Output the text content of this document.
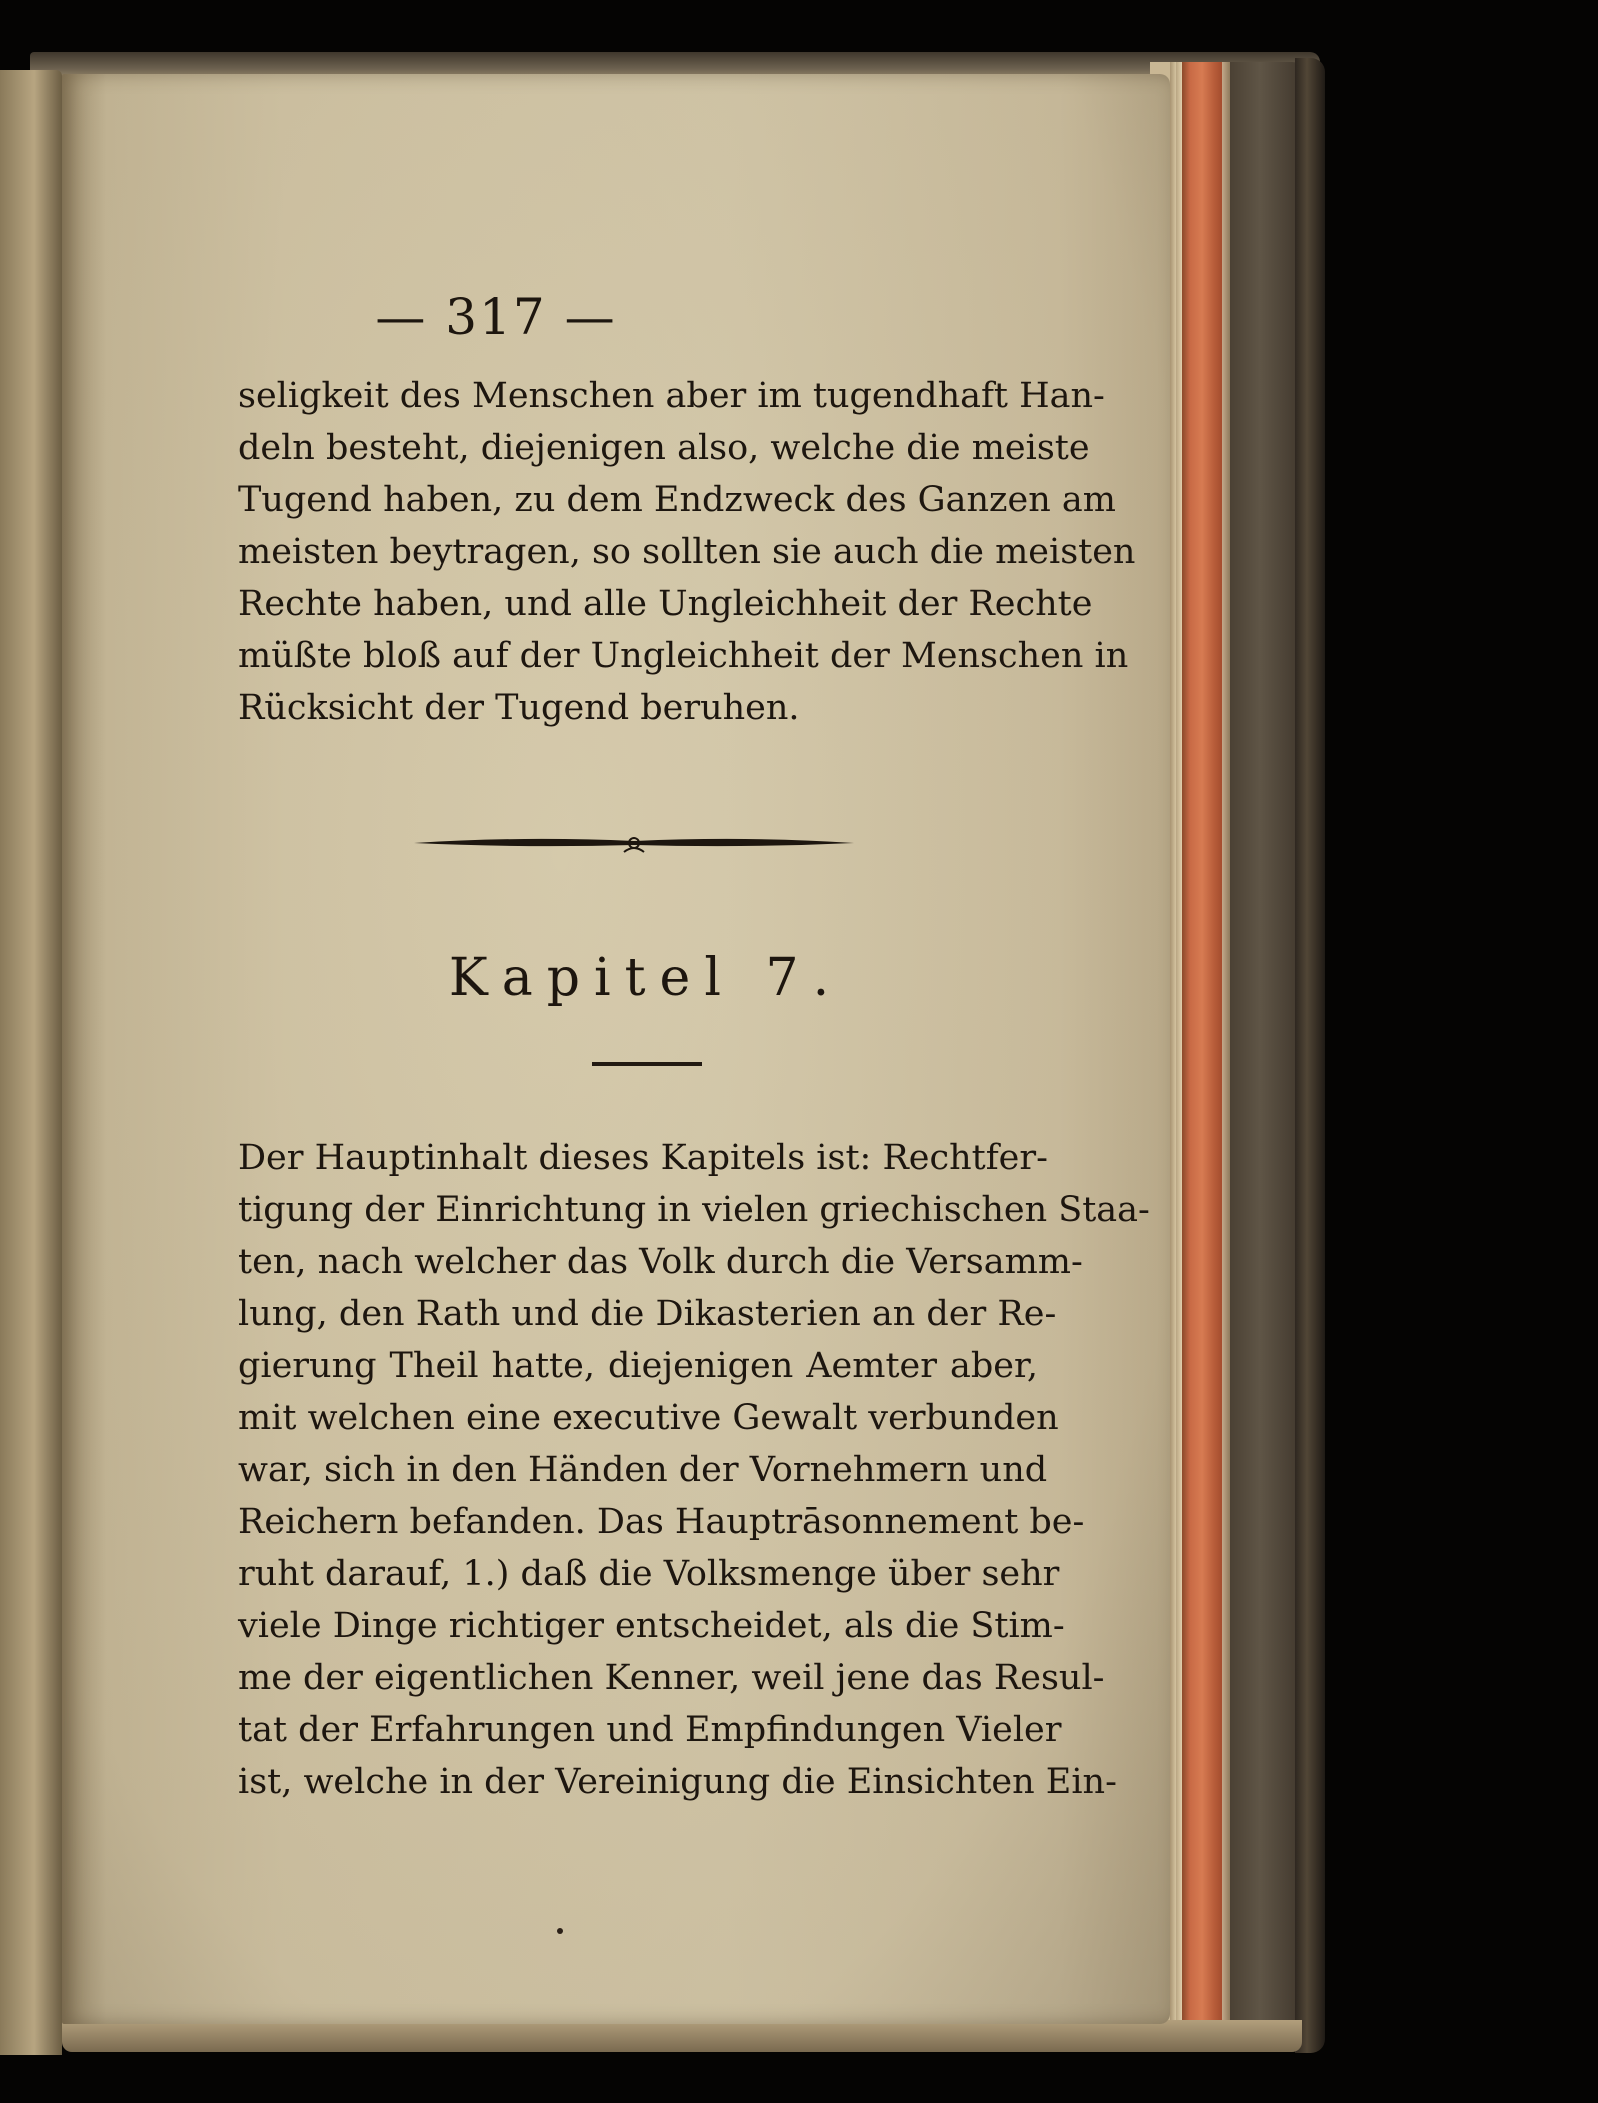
— 317 —
seligkeit des Menschen aber im tugendhaft Han-
deln besteht, diejenigen also, welche die meiste
Tugend haben, zu dem Endzweck des Ganzen am
meisten beytragen, so sollten sie auch die meisten
Rechte haben, und alle Ungleichheit der Rechte
müßte bloß auf der Ungleichheit der Menschen in
Rücksicht der Tugend beruhen.
Kapitel 7.
Der Hauptinhalt dieses Kapitels ist: Rechtfer-
tigung der Einrichtung in vielen griechischen Staa-
ten, nach welcher das Volk durch die Versamm-
lung, den Rath und die Dikasterien an der Re-
gierung Theil hatte, diejenigen Aemter aber,
mit welchen eine executive Gewalt verbunden
war, sich in den Händen der Vornehmern und
Reichern befanden. Das Hauptrāsonnement be-
ruht darauf, 1.) daß die Volksmenge über sehr
viele Dinge richtiger entscheidet, als die Stim-
me der eigentlichen Kenner, weil jene das Resul-
tat der Erfahrungen und Empfindungen Vieler
ist, welche in der Vereinigung die Einsichten Ein-
